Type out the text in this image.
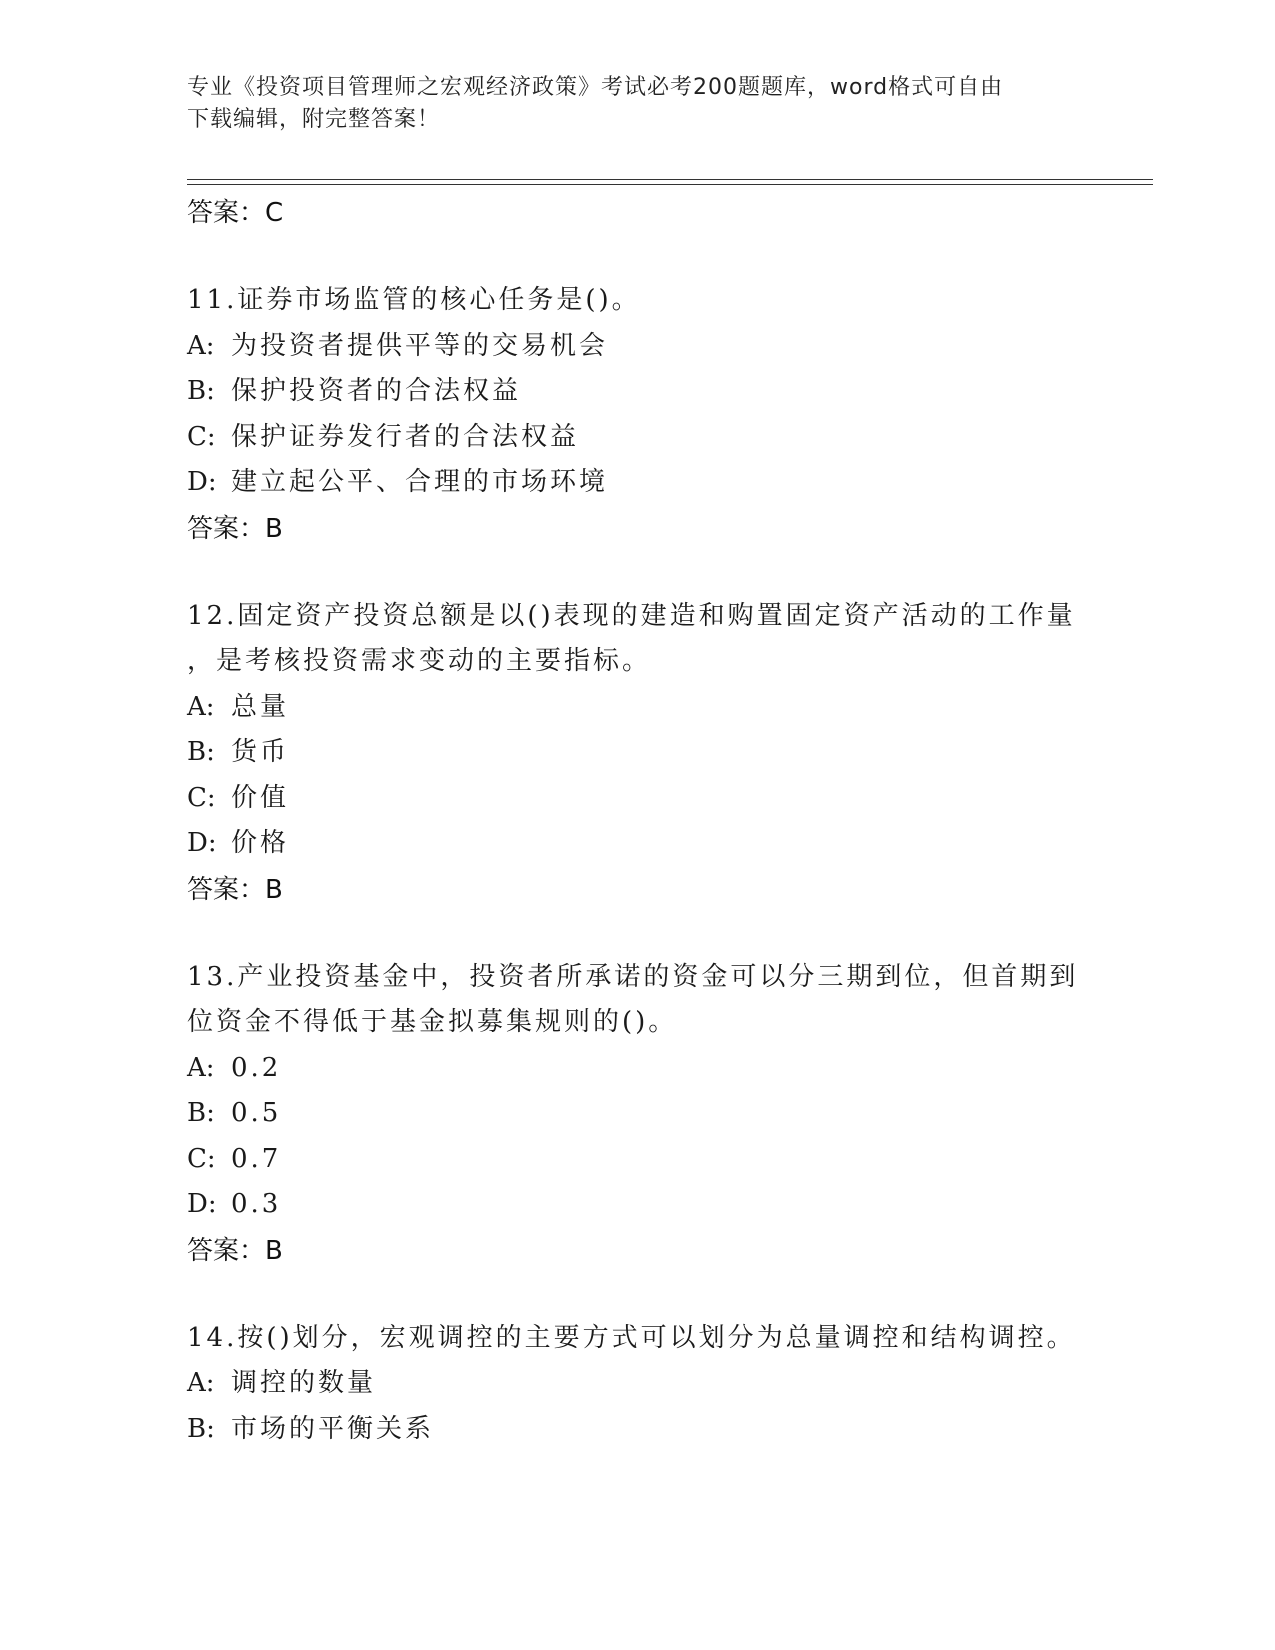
专业《投资项目管理师之宏观经济政策》考试必考200题题库，word格式可自由
下载编辑，附完整答案！
答案：C
11.证券市场监管的核心任务是()。
A: 为投资者提供平等的交易机会
B: 保护投资者的合法权益
C: 保护证券发行者的合法权益
D: 建立起公平、合理的市场环境
答案：B
12.固定资产投资总额是以()表现的建造和购置固定资产活动的工作量
，是考核投资需求变动的主要指标。
A: 总量
B: 货币
C: 价值
D: 价格
答案：B
13.产业投资基金中，投资者所承诺的资金可以分三期到位，但首期到
位资金不得低于基金拟募集规则的()。
A: 0.2
B: 0.5
C: 0.7
D: 0.3
答案：B
14.按()划分，宏观调控的主要方式可以划分为总量调控和结构调控。
A: 调控的数量
B: 市场的平衡关系
